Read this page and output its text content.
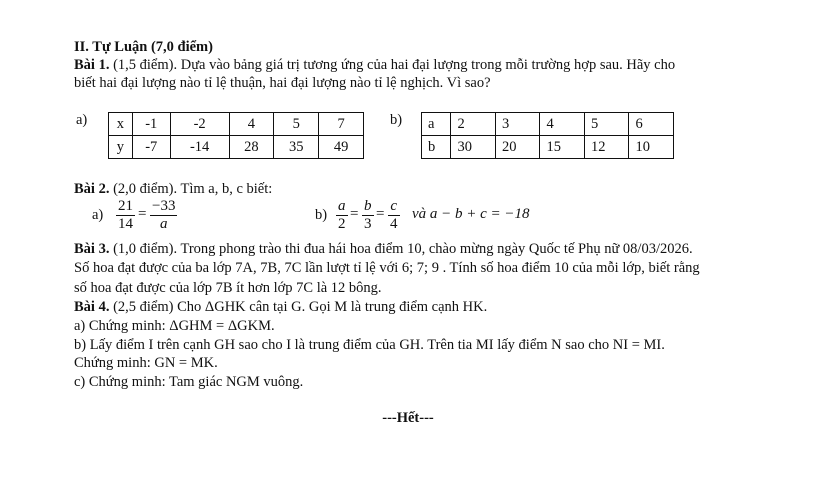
II. Tự Luận (7,0 điểm)
Bài 1. (1,5 điểm). Dựa vào bảng giá trị tương ứng của hai đại lượng trong mỗi trường hợp sau. Hãy cho
biết hai đại lượng nào tỉ lệ thuận, hai đại lượng nào tỉ lệ nghịch. Vì sao?
a) x	-1	-2	4	5	7
y	-7	-14	28	35	49
b) a	2	3	4	5	6
b	30	20	15	12	10
Bài 2. (2,0 điểm). Tìm a, b, c biết:
a)
21
14
= −33
a
b)
a
2
= b
3
= c
4
và a − b + c = −18
Bài 3. (1,0 điểm). Trong phong trào thi đua hái hoa điểm 10, chào mừng ngày Quốc tế Phụ nữ 08/03/2026.
Số hoa đạt được của ba lớp 7A, 7B, 7C lần lượt tỉ lệ với 6; 7; 9 . Tính số hoa điểm 10 của mỗi lớp, biết rằng
số hoa đạt được của lớp 7B ít hơn lớp 7C là 12 bông.
Bài 4. (2,5 điểm) Cho ΔGHK cân tại G. Gọi M là trung điểm cạnh HK.
a) Chứng minh: ΔGHM = ΔGKM.
b) Lấy điểm I trên cạnh GH sao cho I là trung điểm của GH. Trên tia MI lấy điểm N sao cho NI = MI.
Chứng minh: GN = MK.
c) Chứng minh: Tam giác NGM vuông.
---Hết---
